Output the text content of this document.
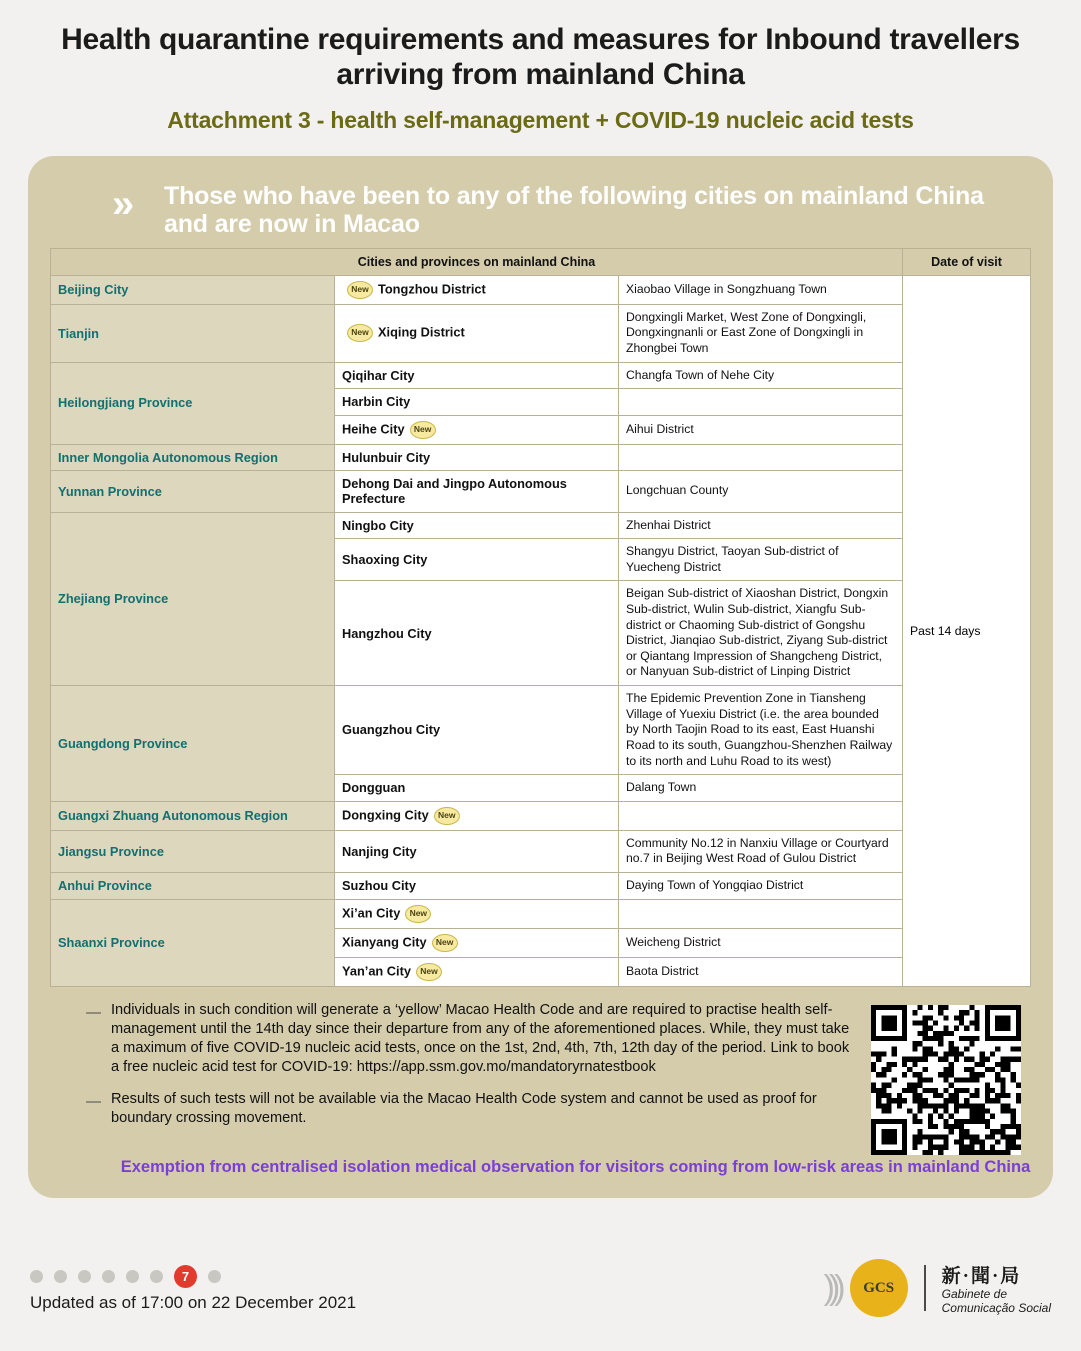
Health quarantine requirements and measures for Inbound travellers arriving from mainland China
Attachment 3 - health self-management + COVID-19 nucleic acid tests
»	Those who have been to any of the following cities on mainland China and are now in Macao
Cities and provinces on mainland China			Date of visit
Beijing City	New Tongzhou District	Xiaobao Village in Songzhuang Town	Past 14 days
Tianjin	New Xiqing District	Dongxingli Market, West Zone of Dongxingli, Dongxingnanli or East Zone of Dongxingli in Zhongbei Town	
Heilongjiang Province	Qiqihar City	Changfa Town of Nehe City	
	Harbin City		
	Heihe City New	Aihui District	
Inner Mongolia Autonomous Region	Hulunbuir City		
Yunnan Province	Dehong Dai and Jingpo Autonomous Prefecture	Longchuan County	
Zhejiang Province	Ningbo City	Zhenhai District	
	Shaoxing City	Shangyu District, Taoyan Sub-district of Yuecheng District	
	Hangzhou City	Beigan Sub-district of Xiaoshan District, Dongxin Sub-district, Wulin Sub-district, Xiangfu Sub-district or Chaoming Sub-district of Gongshu District, Jianqiao Sub-district, Ziyang Sub-district or Qiantang Impression of Shangcheng District, or Nanyuan Sub-district of Linping District	
Guangdong Province	Guangzhou City	The Epidemic Prevention Zone in Tiansheng Village of Yuexiu District (i.e. the area bounded by North Taojin Road to its east, East Huanshi Road to its south, Guangzhou-Shenzhen Railway to its north and Luhu Road to its west)	
	Dongguan	Dalang Town	
Guangxi Zhuang Autonomous Region	Dongxing City New		
Jiangsu Province	Nanjing City	Community No.12 in Nanxiu Village or Courtyard no.7 in Beijing West Road of Gulou District	
Anhui Province	Suzhou City	Daying Town of Yongqiao District	
Shaanxi Province	Xi’an City New		
	Xianyang City New	Weicheng District	
	Yan’an City New	Baota District	
— Individuals in such condition will generate a ‘yellow’ Macao Health Code and are required to practise health self-management until the 14th day since their departure from any of the aforementioned places. While, they must take a maximum of five COVID-19 nucleic acid tests, once on the 1st, 2nd, 4th, 7th, 12th day of the period. Link to book a free nucleic acid test for COVID-19: https://app.ssm.gov.mo/mandatoryrnatestbook
— Results of such tests will not be available via the Macao Health Code system and cannot be used as proof for boundary crossing movement.
Exemption from centralised isolation medical observation for visitors coming from low-risk areas in mainland China
7
Updated as of 17:00 on 22 December 2021	)))	GCS
新·聞·局
Gabinete de
Comunicação Social
